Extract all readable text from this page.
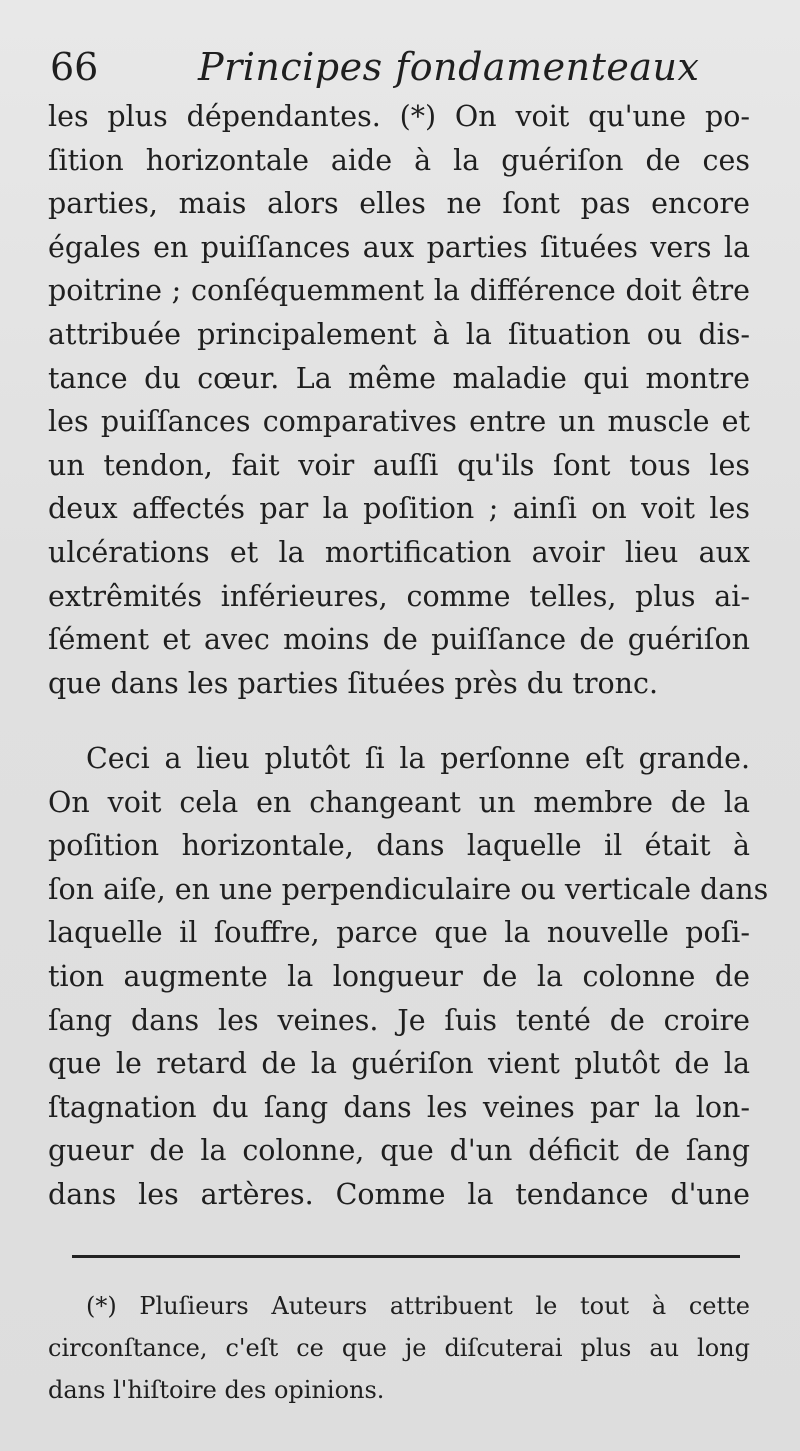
66	Principes fondamenteaux
les plus dépendantes. (*) On voit qu'une po-
ſition horizontale aide à la guériſon de ces
parties, mais alors elles ne ſont pas encore
égales en puiſſances aux parties ſituées vers la
poitrine ; conſéquemment la différence doit être
attribuée principalement à la ſituation ou dis-
tance du cœur. La même maladie qui montre
les puiſſances comparatives entre un muscle et
un tendon, fait voir auſſi qu'ils ſont tous les
deux affectés par la poſition ; ainſi on voit les
ulcérations et la mortification avoir lieu aux
extrêmités inférieures, comme telles, plus ai-
ſément et avec moins de puiſſance de guériſon
que dans les parties ſituées près du tronc.
Ceci a lieu plutôt ſi la perſonne eſt grande.
On voit cela en changeant un membre de la
poſition horizontale, dans laquelle il était à
ſon aiſe, en une perpendiculaire ou verticale dans
laquelle il ſouffre, parce que la nouvelle poſi-
tion augmente la longueur de la colonne de
ſang dans les veines. Je ſuis tenté de croire
que le retard de la guériſon vient plutôt de la
ſtagnation du ſang dans les veines par la lon-
gueur de la colonne, que d'un déficit de ſang
dans les artères. Comme la tendance d'une
(*) Pluſieurs Auteurs attribuent le tout à cette
circonſtance, c'eſt ce que je diſcuterai plus au long
dans l'hiſtoire des opinions.
